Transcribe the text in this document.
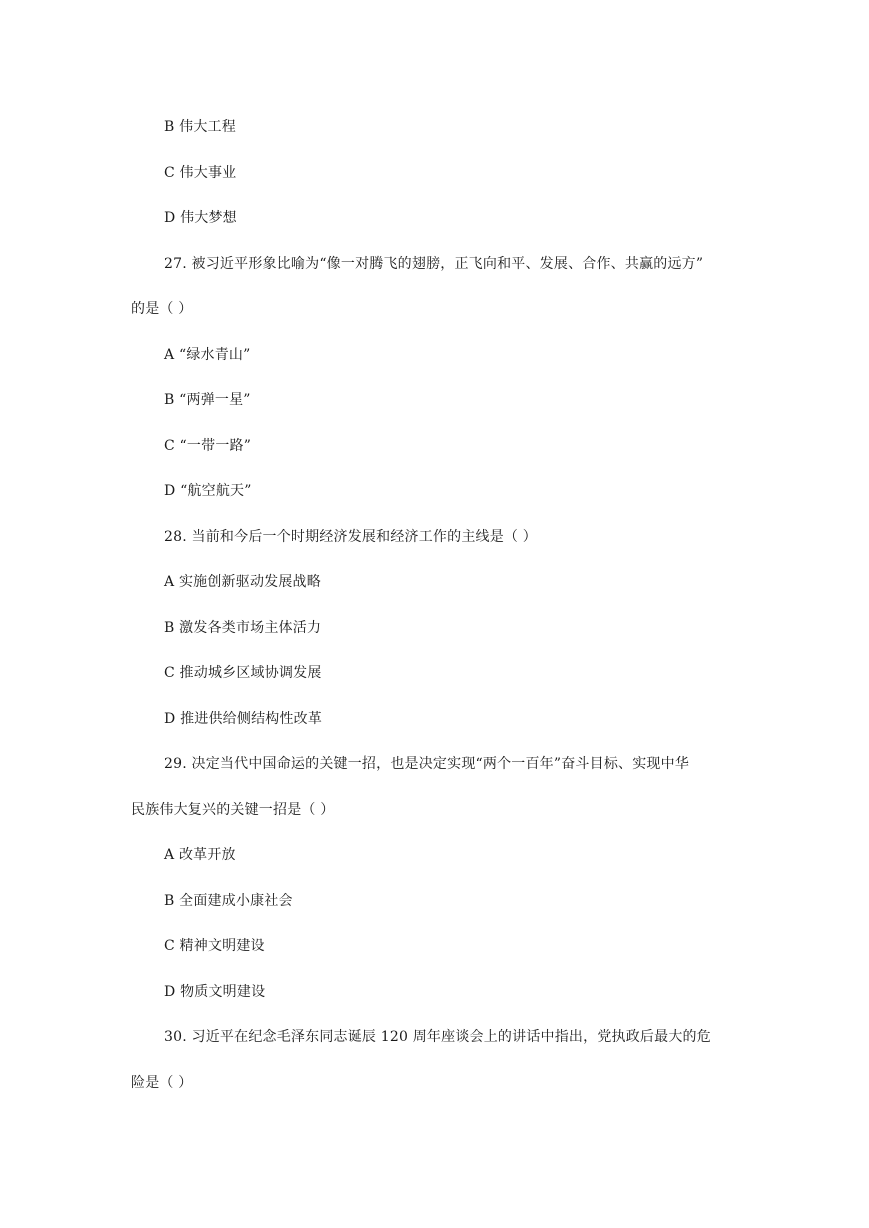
B 伟大工程
C 伟大事业
D 伟大梦想
27. 被习近平形象比喻为“像一对腾飞的翅膀，正飞向和平、发展、合作、共赢的远方”
的是（ ）
A “绿水青山”
B “两弹一星”
C “一带一路”
D “航空航天”
28. 当前和今后一个时期经济发展和经济工作的主线是（ ）
A 实施创新驱动发展战略
B 激发各类市场主体活力
C 推动城乡区域协调发展
D 推进供给侧结构性改革
29. 决定当代中国命运的关键一招，也是决定实现“两个一百年”奋斗目标、实现中华
民族伟大复兴的关键一招是（ ）
A 改革开放
B 全面建成小康社会
C 精神文明建设
D 物质文明建设
30. 习近平在纪念毛泽东同志诞辰 120 周年座谈会上的讲话中指出，党执政后最大的危
险是（ ）
